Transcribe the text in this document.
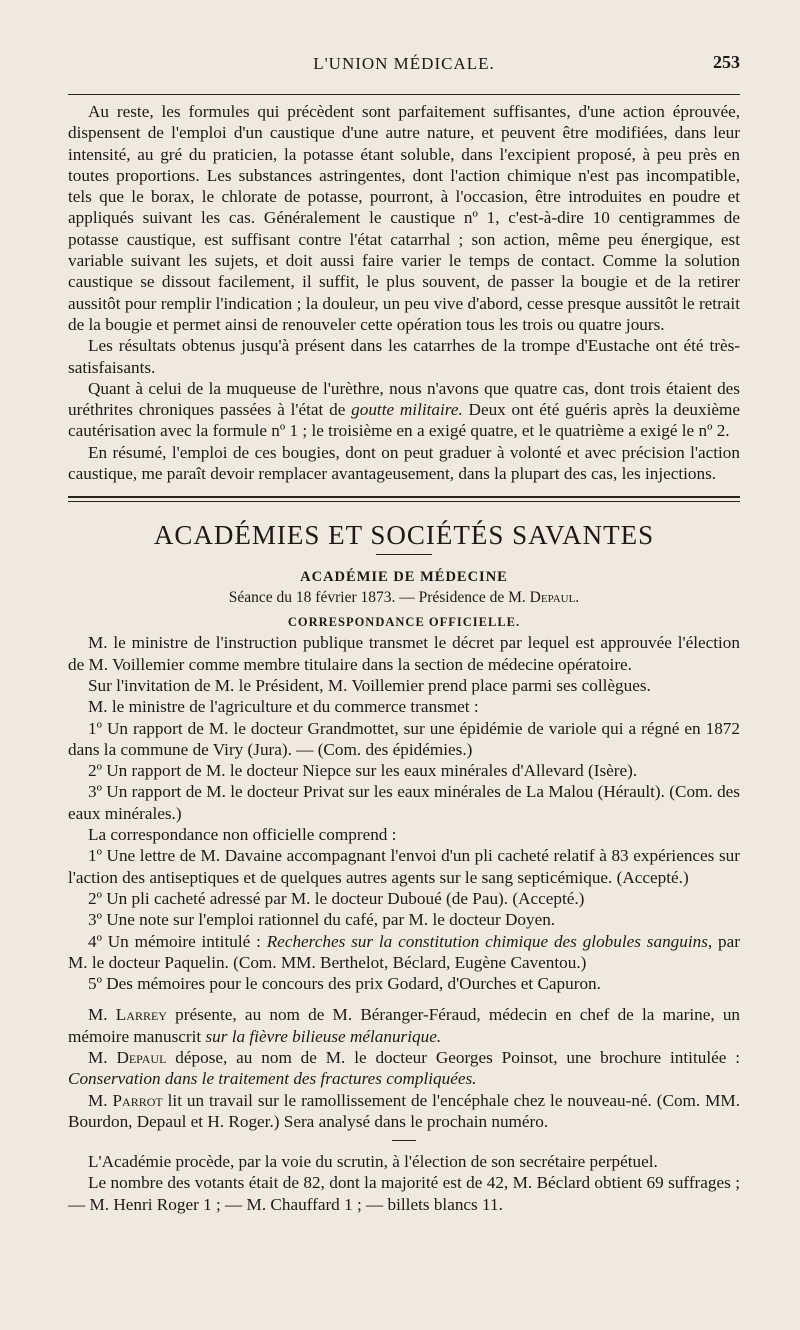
L'UNION MÉDICALE.	253

Au reste, les formules qui précèdent sont parfaitement suffisantes, d'une action éprouvée, dispensent de l'emploi d'un caustique d'une autre nature, et peuvent être modifiées, dans leur intensité, au gré du praticien, la potasse étant soluble, dans l'excipient proposé, à peu près en toutes proportions. Les substances astringentes, dont l'action chimique n'est pas incompatible, tels que le borax, le chlorate de potasse, pourront, à l'occasion, être introduites en poudre et appliqués suivant les cas. Généralement le caustique nº 1, c'est-à-dire 10 centigrammes de potasse caustique, est suffisant contre l'état catarrhal ; son action, même peu énergique, est variable suivant les sujets, et doit aussi faire varier le temps de contact. Comme la solution caustique se dissout facilement, il suffit, le plus souvent, de passer la bougie et de la retirer aussitôt pour remplir l'indication ; la douleur, un peu vive d'abord, cesse presque aussitôt le retrait de la bougie et permet ainsi de renouveler cette opération tous les trois ou quatre jours.

Les résultats obtenus jusqu'à présent dans les catarrhes de la trompe d'Eustache ont été très-satisfaisants.

Quant à celui de la muqueuse de l'urèthre, nous n'avons que quatre cas, dont trois étaient des uréthrites chroniques passées à l'état de goutte militaire. Deux ont été guéris après la deuxième cautérisation avec la formule nº 1 ; le troisième en a exigé quatre, et le quatrième a exigé le nº 2.

En résumé, l'emploi de ces bougies, dont on peut graduer à volonté et avec précision l'action caustique, me paraît devoir remplacer avantageusement, dans la plupart des cas, les injections.

ACADÉMIES ET SOCIÉTÉS SAVANTES
ACADÉMIE DE MÉDECINE
Séance du 18 février 1873. — Présidence de M. Depaul.
CORRESPONDANCE OFFICIELLE.

M. le ministre de l'instruction publique transmet le décret par lequel est approuvée l'élection de M. Voillemier comme membre titulaire dans la section de médecine opératoire.

Sur l'invitation de M. le Président, M. Voillemier prend place parmi ses collègues.

M. le ministre de l'agriculture et du commerce transmet :

1º Un rapport de M. le docteur Grandmottet, sur une épidémie de variole qui a régné en 1872 dans la commune de Viry (Jura). — (Com. des épidémies.)

2º Un rapport de M. le docteur Niepce sur les eaux minérales d'Allevard (Isère).

3º Un rapport de M. le docteur Privat sur les eaux minérales de La Malou (Hérault). (Com. des eaux minérales.)

La correspondance non officielle comprend :

1º Une lettre de M. Davaine accompagnant l'envoi d'un pli cacheté relatif à 83 expériences sur l'action des antiseptiques et de quelques autres agents sur le sang septicémique. (Accepté.)

2º Un pli cacheté adressé par M. le docteur Duboué (de Pau). (Accepté.)

3º Une note sur l'emploi rationnel du café, par M. le docteur Doyen.

4º Un mémoire intitulé : Recherches sur la constitution chimique des globules sanguins, par M. le docteur Paquelin. (Com. MM. Berthelot, Béclard, Eugène Caventou.)

5º Des mémoires pour le concours des prix Godard, d'Ourches et Capuron.

M. Larrey présente, au nom de M. Béranger-Féraud, médecin en chef de la marine, un mémoire manuscrit sur la fièvre bilieuse mélanurique.

M. Depaul dépose, au nom de M. le docteur Georges Poinsot, une brochure intitulée : Conservation dans le traitement des fractures compliquées.

M. Parrot lit un travail sur le ramollissement de l'encéphale chez le nouveau-né. (Com. MM. Bourdon, Depaul et H. Roger.) Sera analysé dans le prochain numéro.

L'Académie procède, par la voie du scrutin, à l'élection de son secrétaire perpétuel.

Le nombre des votants était de 82, dont la majorité est de 42, M. Béclard obtient 69 suffrages ; — M. Henri Roger 1 ; — M. Chauffard 1 ; — billets blancs 11.
